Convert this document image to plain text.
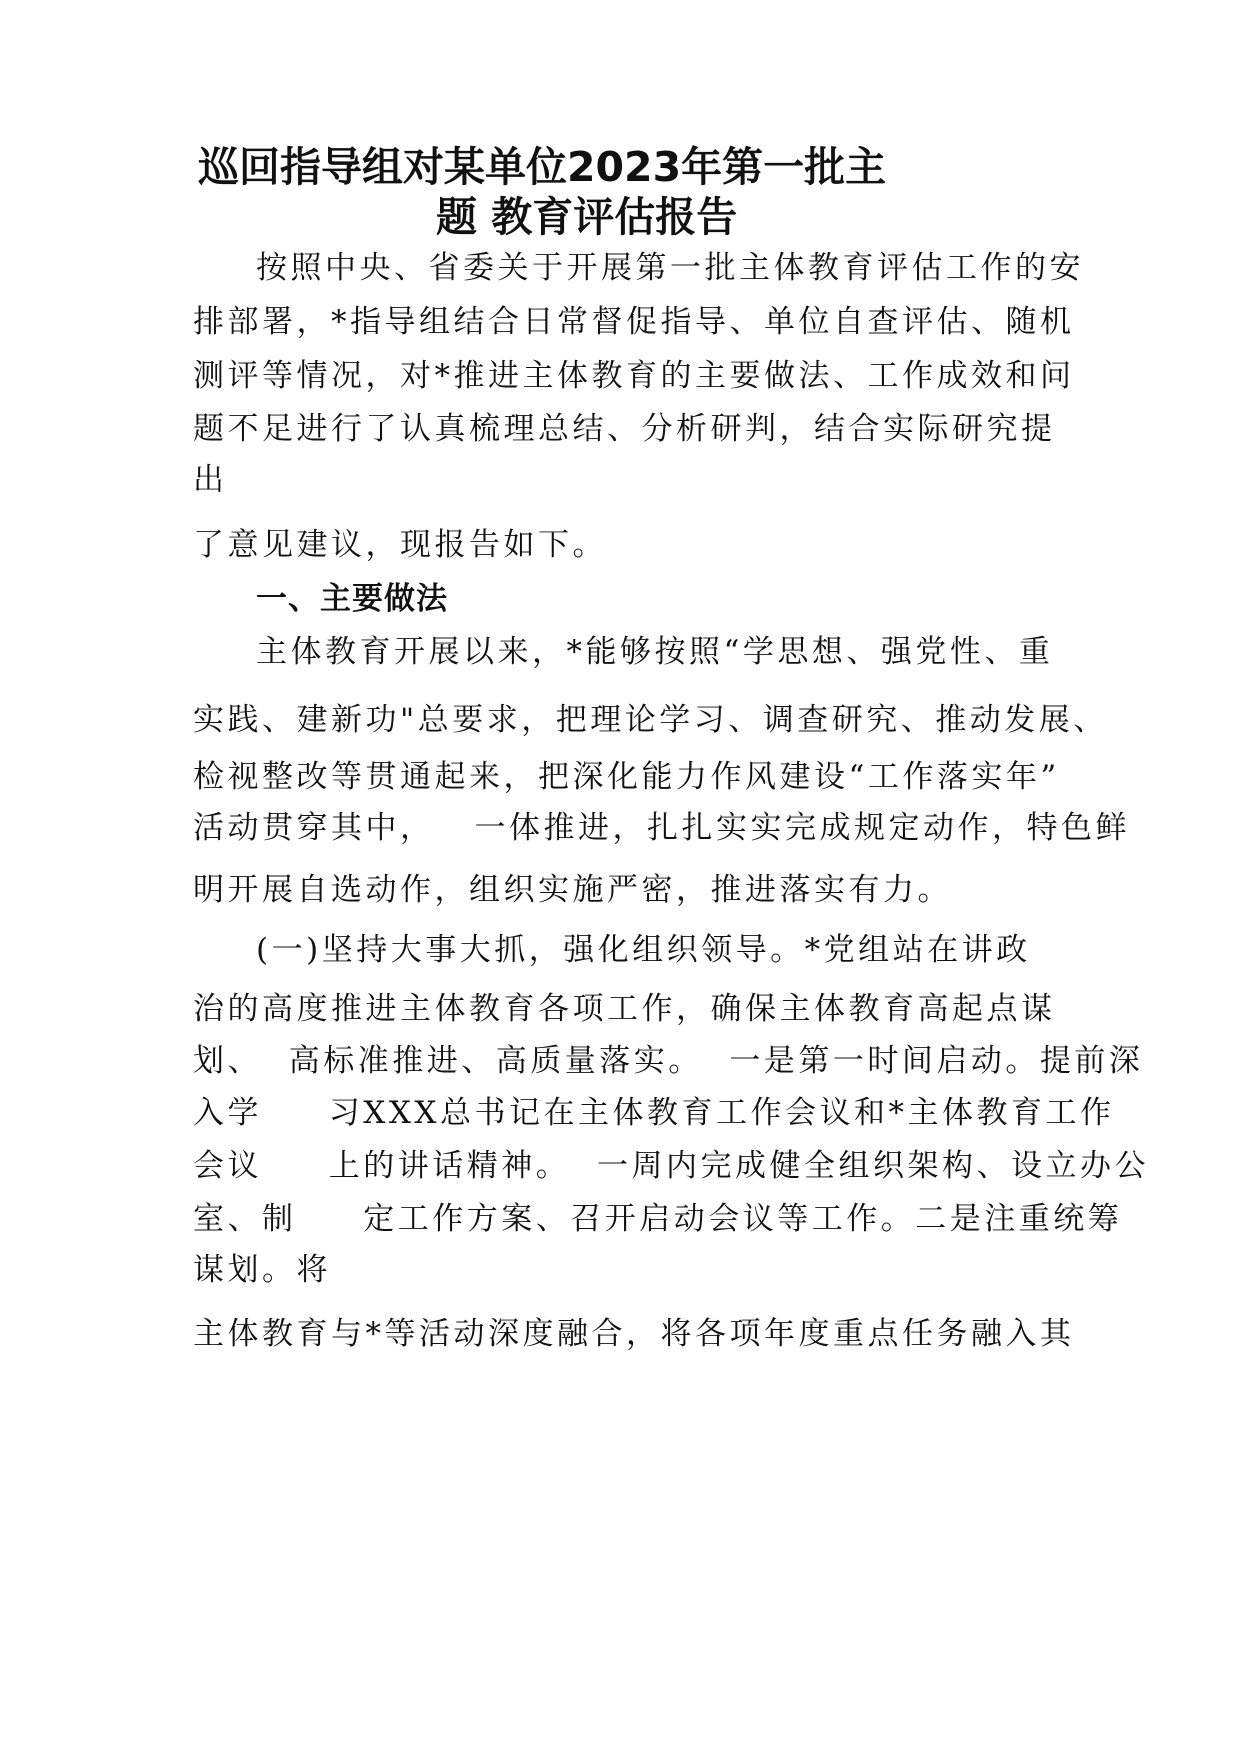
巡回指导组对某单位2023年第一批主
题 教育评估报告
按照中央、省委关于开展第一批主体教育评估工作的安
排部署，*指导组结合日常督促指导、单位自查评估、随机
测评等情况，对*推进主体教育的主要做法、工作成效和问
题不足进行了认真梳理总结、分析研判，结合实际研究提
出
了意见建议，现报告如下。
一、主要做法
主体教育开展以来，*能够按照“学思想、强党性、重
实践、建新功"总要求，把理论学习、调查研究、推动发展、
检视整改等贯通起来，把深化能力作风建设“工作落实年”
活动贯穿其中，   一体推进，扎扎实实完成规定动作，特色鲜
明开展自选动作，组织实施严密，推进落实有力。
(一)坚持大事大抓，强化组织领导。*党组站在讲政
治的高度推进主体教育各项工作，确保主体教育高起点谋
划、  高标准推进、高质量落实。  一是第一时间启动。提前深
入学     习XXX总书记在主体教育工作会议和*主体教育工作
会议     上的讲话精神。  一周内完成健全组织架构、设立办公
室、制     定工作方案、召开启动会议等工作。二是注重统筹
谋划。将
主体教育与*等活动深度融合，将各项年度重点任务融入其
